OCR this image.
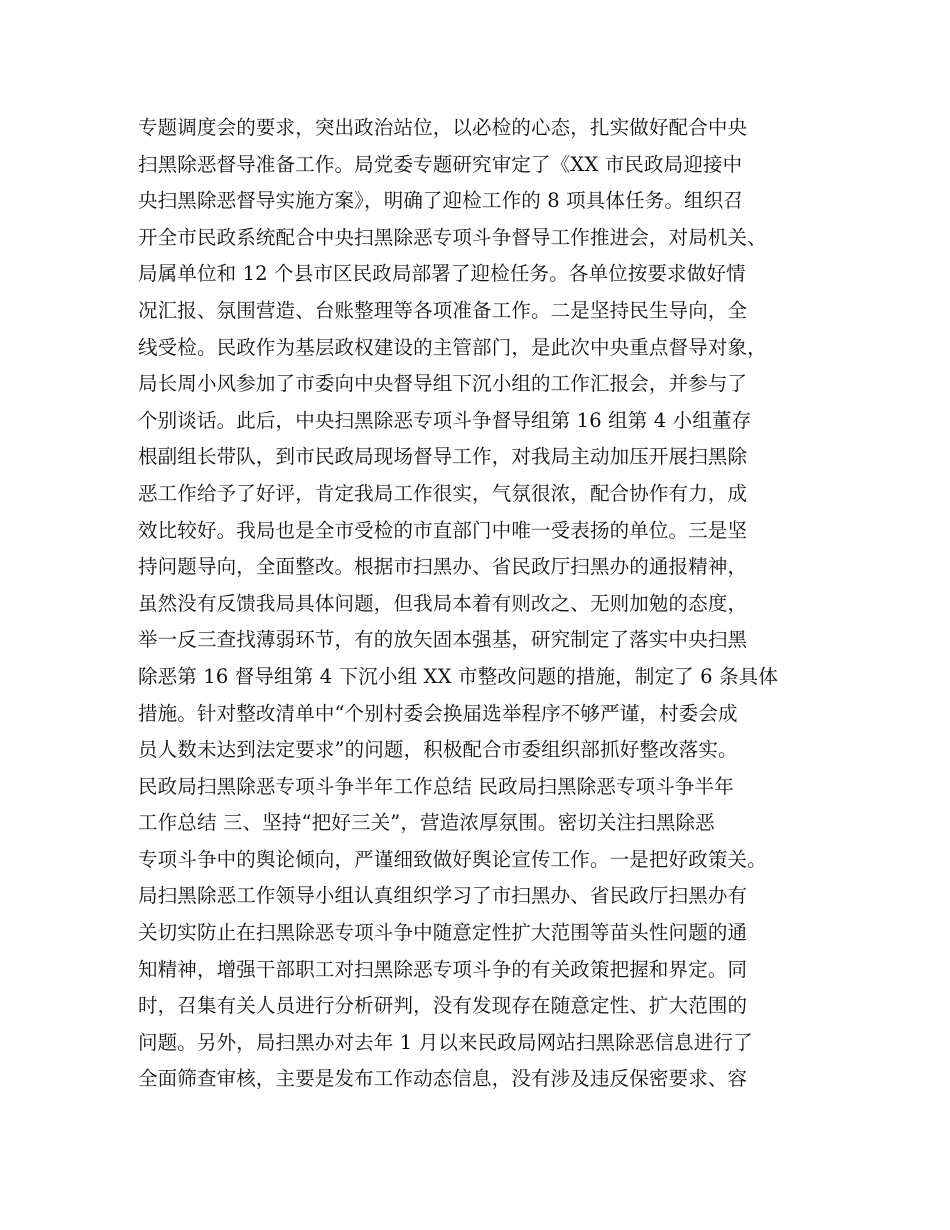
专题调度会的要求，突出政治站位，以必检的心态，扎实做好配合中央
扫黑除恶督导准备工作。局党委专题研究审定了《XX 市民政局迎接中
央扫黑除恶督导实施方案》，明确了迎检工作的 8 项具体任务。组织召
开全市民政系统配合中央扫黑除恶专项斗争督导工作推进会，对局机关、
局属单位和 12 个县市区民政局部署了迎检任务。各单位按要求做好情
况汇报、氛围营造、台账整理等各项准备工作。二是坚持民生导向，全
线受检。民政作为基层政权建设的主管部门，是此次中央重点督导对象，
局长周小风参加了市委向中央督导组下沉小组的工作汇报会，并参与了
个别谈话。此后，中央扫黑除恶专项斗争督导组第 16 组第 4 小组董存
根副组长带队，到市民政局现场督导工作，对我局主动加压开展扫黑除
恶工作给予了好评，肯定我局工作很实，气氛很浓，配合协作有力，成
效比较好。我局也是全市受检的市直部门中唯一受表扬的单位。三是坚
持问题导向，全面整改。根据市扫黑办、省民政厅扫黑办的通报精神，
虽然没有反馈我局具体问题，但我局本着有则改之、无则加勉的态度，
举一反三查找薄弱环节，有的放矢固本强基，研究制定了落实中央扫黑
除恶第 16 督导组第 4 下沉小组 XX 市整改问题的措施，制定了 6 条具体
措施。针对整改清单中“个别村委会换届选举程序不够严谨，村委会成
员人数未达到法定要求”的问题，积极配合市委组织部抓好整改落实。
民政局扫黑除恶专项斗争半年工作总结 民政局扫黑除恶专项斗争半年
工作总结 三、坚持“把好三关”，营造浓厚氛围。密切关注扫黑除恶
专项斗争中的舆论倾向，严谨细致做好舆论宣传工作。一是把好政策关。
局扫黑除恶工作领导小组认真组织学习了市扫黑办、省民政厅扫黑办有
关切实防止在扫黑除恶专项斗争中随意定性扩大范围等苗头性问题的通
知精神，增强干部职工对扫黑除恶专项斗争的有关政策把握和界定。同
时，召集有关人员进行分析研判，没有发现存在随意定性、扩大范围的
问题。另外，局扫黑办对去年 1 月以来民政局网站扫黑除恶信息进行了
全面筛查审核，主要是发布工作动态信息，没有涉及违反保密要求、容
